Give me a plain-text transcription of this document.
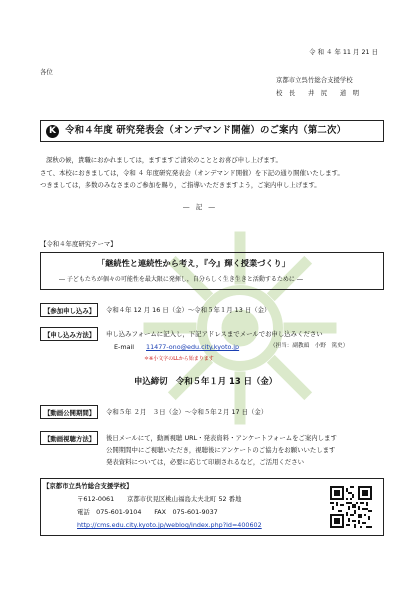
令 和 ４ 年 11 月 21 日
各位
京都市立呉竹総合支援学校
校　長　　井　尻　　道　明
K 令和４年度 研究発表会（オンデマンド開催）のご案内（第二次）
深秋の候，貴職におかれましては，ますますご清栄のこととお喜び申し上げます。
さて、本校におきましては，令和 ４ 年度研究発表会（オンデマンド開催）を下記の通り開催いたします。
つきましては，多数のみなさまのご参加を賜り，ご指導いただきますよう，ご案内申し上げます。
―　記　―
【令和４年度研究テーマ】
「継続性と連続性から考え，『今』輝く授業づくり」
― 子どもたちが個々の可能性を最大限に発揮し，自分らしく生き生きと活動するために ―
【参加申し込み】 令和４年 12 月 16 日（金）～令和５年１月 13 日（金）
【申し込み方法】 申し込みフォームに記入し，下記アドレスまでメールでお申し込みください
E-mail 11477-ono@edu.city.kyoto.jp	（担当：副教頭　小野　篤史）
＊※小文字のLLから始まります
申込締切　令和５年１月 13 日（金）
【動画公開期間】 令和５年 ２月　３日（金）～令和５年２月 17 日（金）
【動画視聴方法】 後日メールにて，動画視聴 URL・発表資料・アンケートフォームをご案内します
公開期間中にご視聴いただき，視聴後にアンケートのご協力をお願いいたします
発表資料については，必要に応じて印刷されるなど，ご活用ください
【京都市立呉竹総合支援学校】
〒612-0061　　京都市伏見区桃山福島太夫北町 52 番地
電話　075-601-9104　　FAX　075-601-9037
http://cms.edu.city.kyoto.jp/weblog/index.php?id=400602
